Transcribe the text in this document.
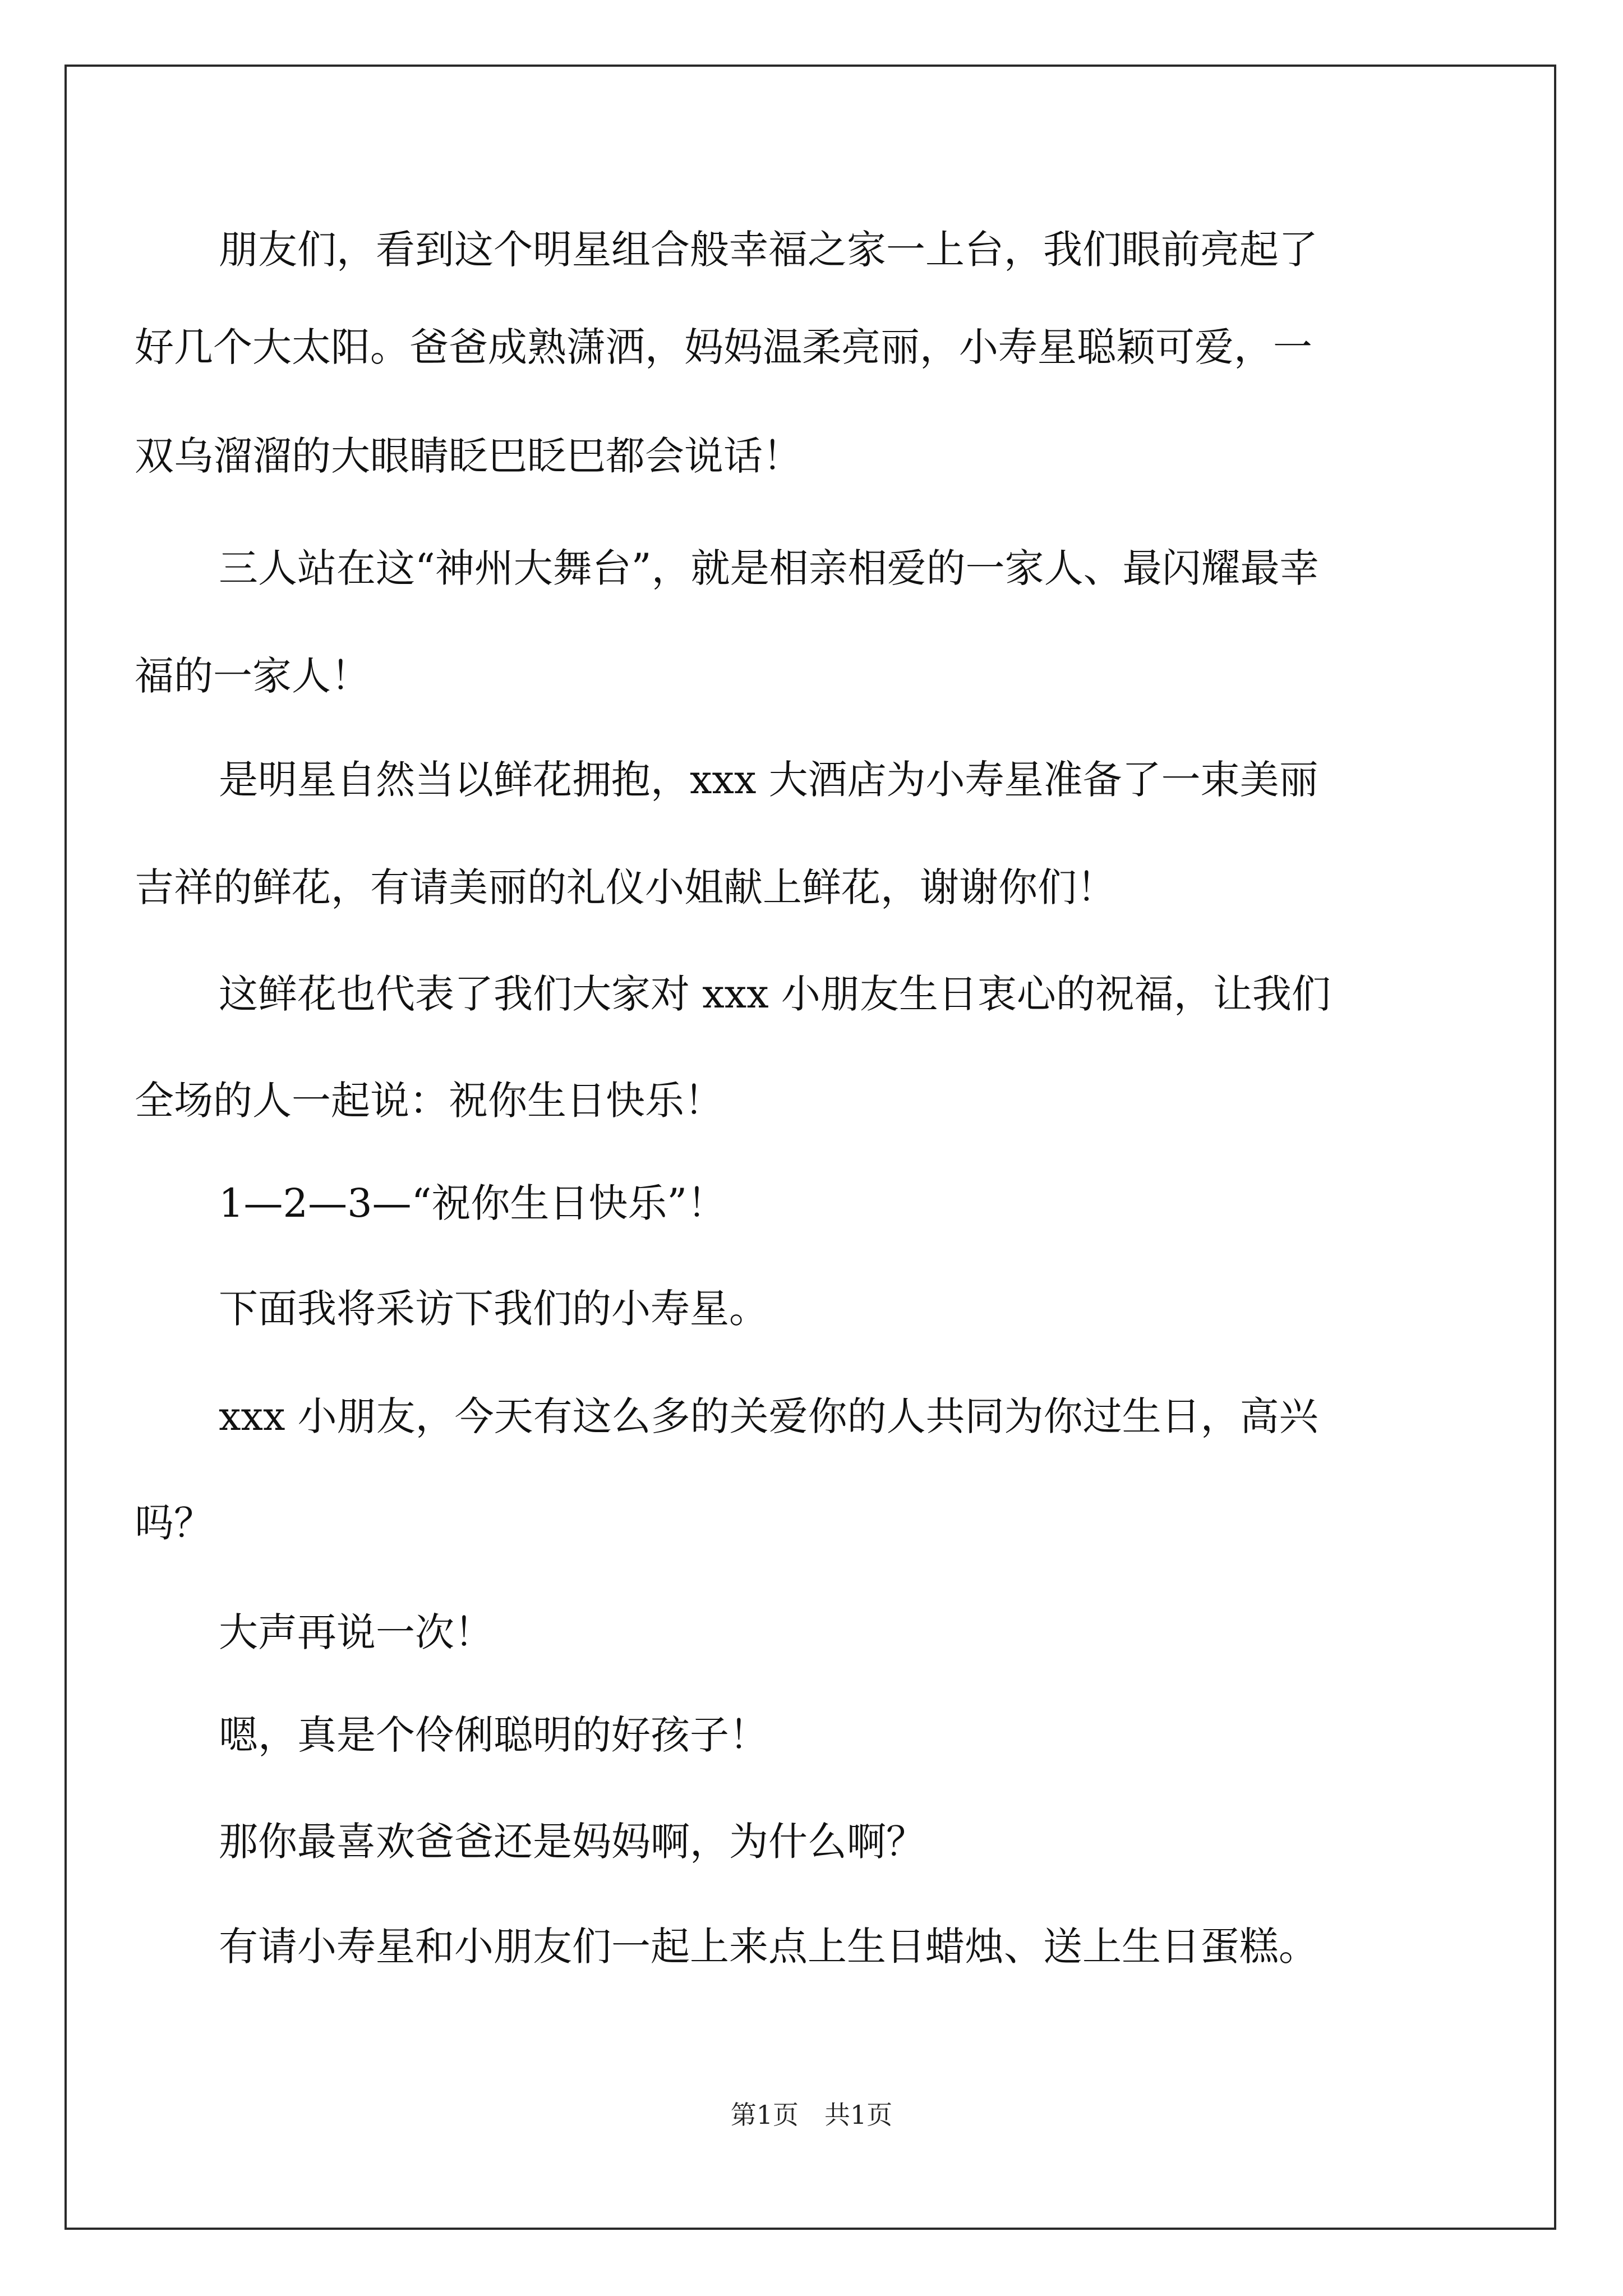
朋友们，看到这个明星组合般幸福之家一上台，我们眼前亮起了
好几个大太阳。爸爸成熟潇洒，妈妈温柔亮丽，小寿星聪颖可爱，一
双乌溜溜的大眼睛眨巴眨巴都会说话！
三人站在这“神州大舞台”，就是相亲相爱的一家人、最闪耀最幸
福的一家人！
是明星自然当以鲜花拥抱，xxx 大酒店为小寿星准备了一束美丽
吉祥的鲜花，有请美丽的礼仪小姐献上鲜花，谢谢你们！
这鲜花也代表了我们大家对 xxx 小朋友生日衷心的祝福，让我们
全场的人一起说：祝你生日快乐！
1—2—3—“祝你生日快乐”！
下面我将采访下我们的小寿星。
xxx 小朋友，今天有这么多的关爱你的人共同为你过生日，高兴
吗？
大声再说一次！
嗯，真是个伶俐聪明的好孩子！
那你最喜欢爸爸还是妈妈啊，为什么啊？
有请小寿星和小朋友们一起上来点上生日蜡烛、送上生日蛋糕。
第1页　共1页
